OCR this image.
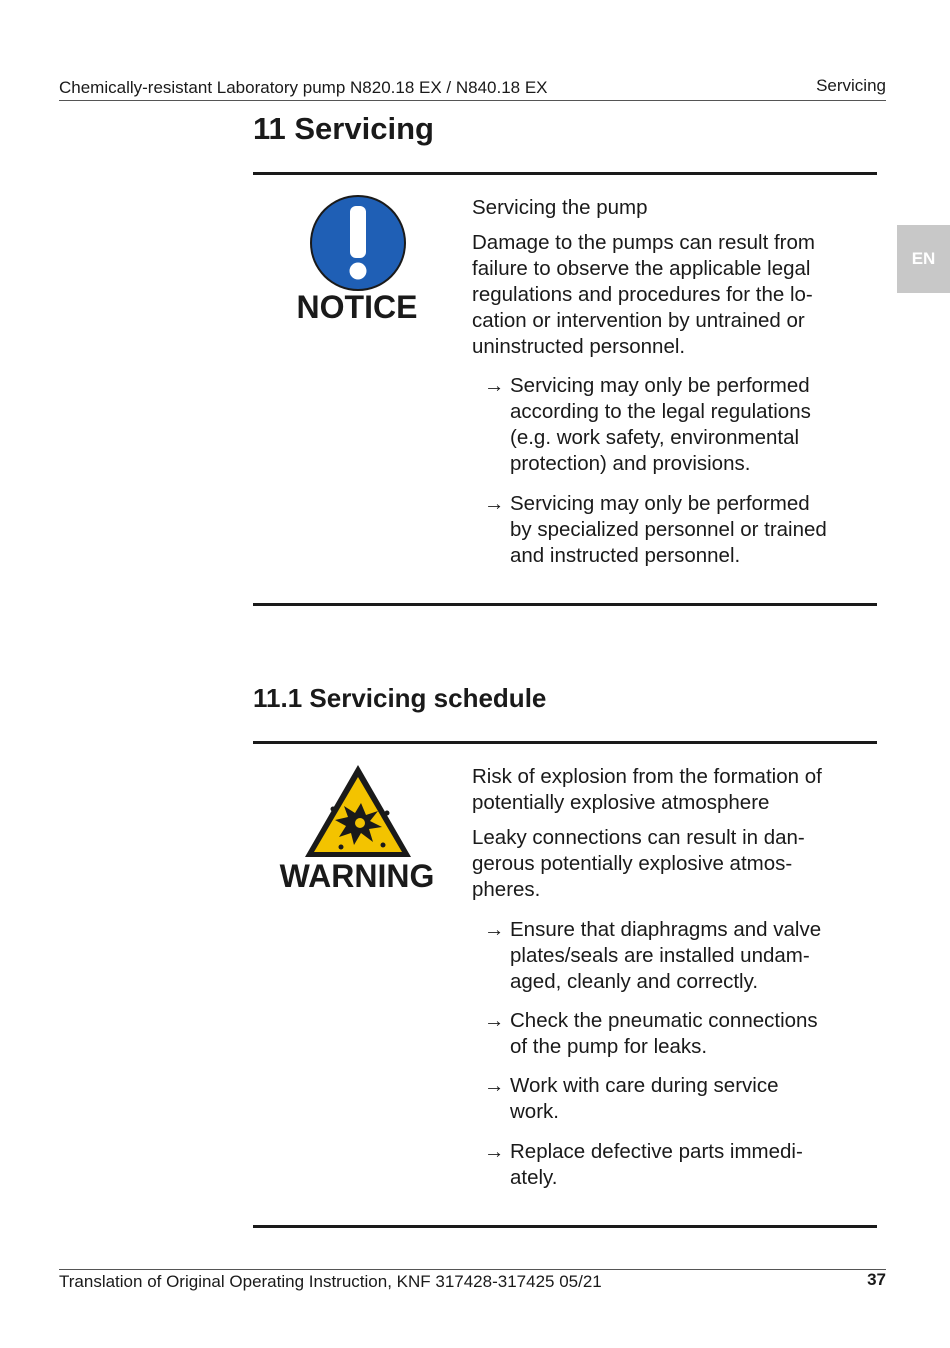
Chemically-resistant Laboratory pump N820.18 EX / N840.18 EX	Servicing
EN
11 Servicing
NOTICE
Servicing the pump
Damage to the pumps can result from
failure to observe the applicable legal
regulations and procedures for the lo-
cation or intervention by untrained or
uninstructed personnel.
→ Servicing may only be performed
according to the legal regulations
(e.g. work safety, environmental
protection) and provisions.
→ Servicing may only be performed
by specialized personnel or trained
and instructed personnel.
11.1 Servicing schedule
WARNING
Risk of explosion from the formation of
potentially explosive atmosphere
Leaky connections can result in dan-
gerous potentially explosive atmos-
pheres.
→ Ensure that diaphragms and valve
plates/seals are installed undam-
aged, cleanly and correctly.
→ Check the pneumatic connections
of the pump for leaks.
→ Work with care during service
work.
→ Replace defective parts immedi-
ately.
Translation of Original Operating Instruction, KNF 317428-317425 05/21	37
